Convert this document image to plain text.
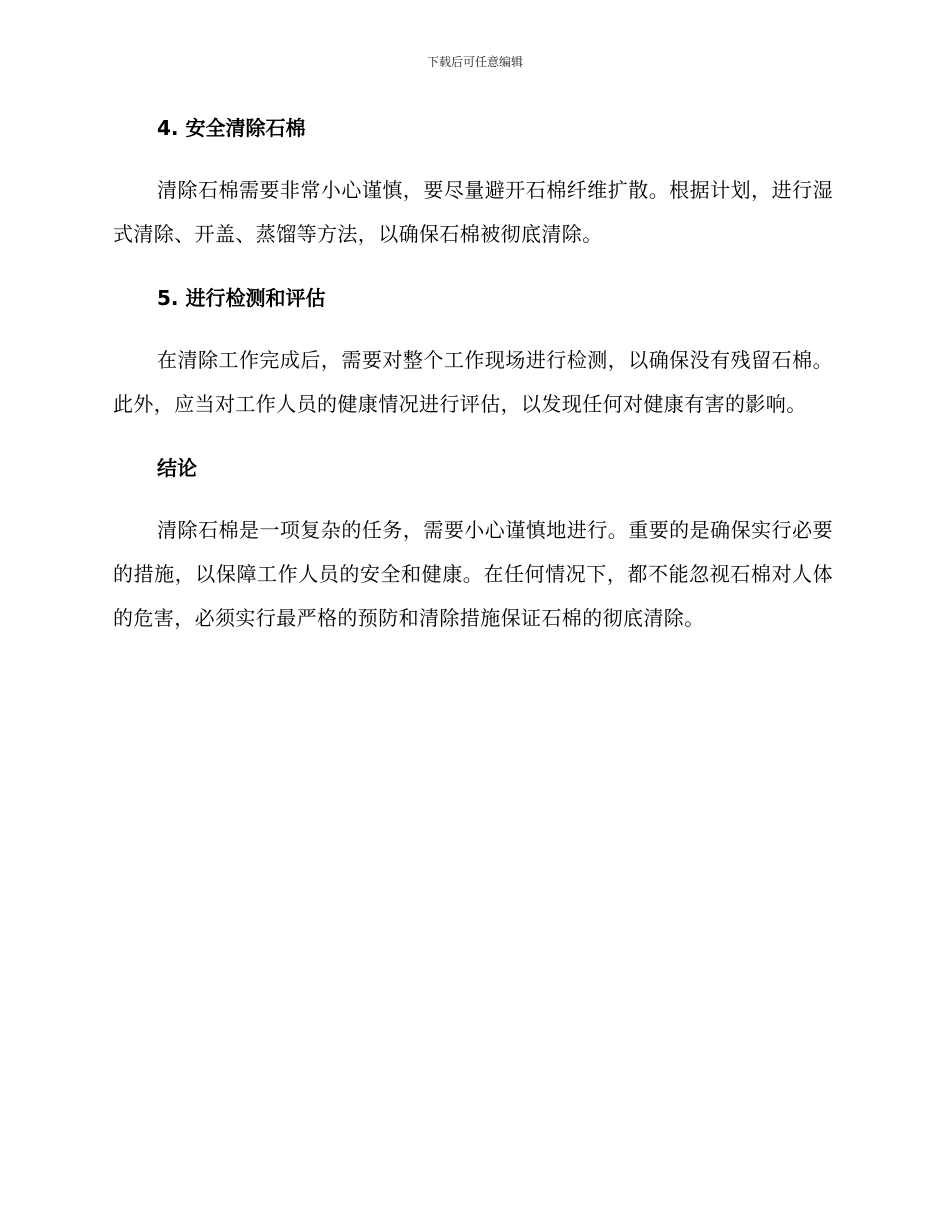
下载后可任意编辑
4. 安全清除石棉

清除石棉需要非常小心谨慎，要尽量避开石棉纤维扩散。根据计划，进行湿式清除、开盖、蒸馏等方法，以确保石棉被彻底清除。

5. 进行检测和评估

在清除工作完成后，需要对整个工作现场进行检测，以确保没有残留石棉。此外，应当对工作人员的健康情况进行评估，以发现任何对健康有害的影响。

结论

清除石棉是一项复杂的任务，需要小心谨慎地进行。重要的是确保实行必要的措施，以保障工作人员的安全和健康。在任何情况下，都不能忽视石棉对人体的危害，必须实行最严格的预防和清除措施保证石棉的彻底清除。
